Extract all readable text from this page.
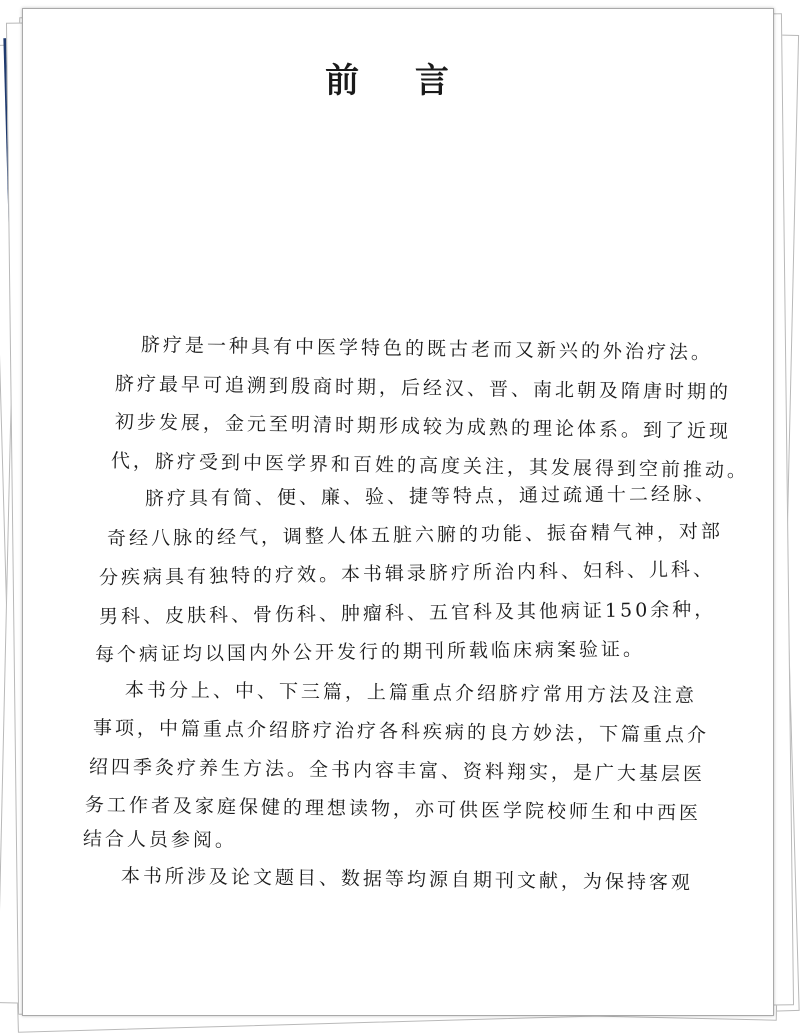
前 言
脐疗是一种具有中医学特色的既古老而又新兴的外治疗法。
脐疗最早可追溯到殷商时期，后经汉、晋、南北朝及隋唐时期的
初步发展，金元至明清时期形成较为成熟的理论体系。到了近现
代，脐疗受到中医学界和百姓的高度关注，其发展得到空前推动。
脐疗具有简、便、廉、验、捷等特点，通过疏通十二经脉、
奇经八脉的经气，调整人体五脏六腑的功能、振奋精气神，对部
分疾病具有独特的疗效。本书辑录脐疗所治内科、妇科、儿科、
男科、皮肤科、骨伤科、肿瘤科、五官科及其他病证150余种，
每个病证均以国内外公开发行的期刊所载临床病案验证。
本书分上、中、下三篇，上篇重点介绍脐疗常用方法及注意
事项，中篇重点介绍脐疗治疗各科疾病的良方妙法，下篇重点介
绍四季灸疗养生方法。全书内容丰富、资料翔实，是广大基层医
务工作者及家庭保健的理想读物，亦可供医学院校师生和中西医
结合人员参阅。
本书所涉及论文题目、数据等均源自期刊文献，为保持客观
